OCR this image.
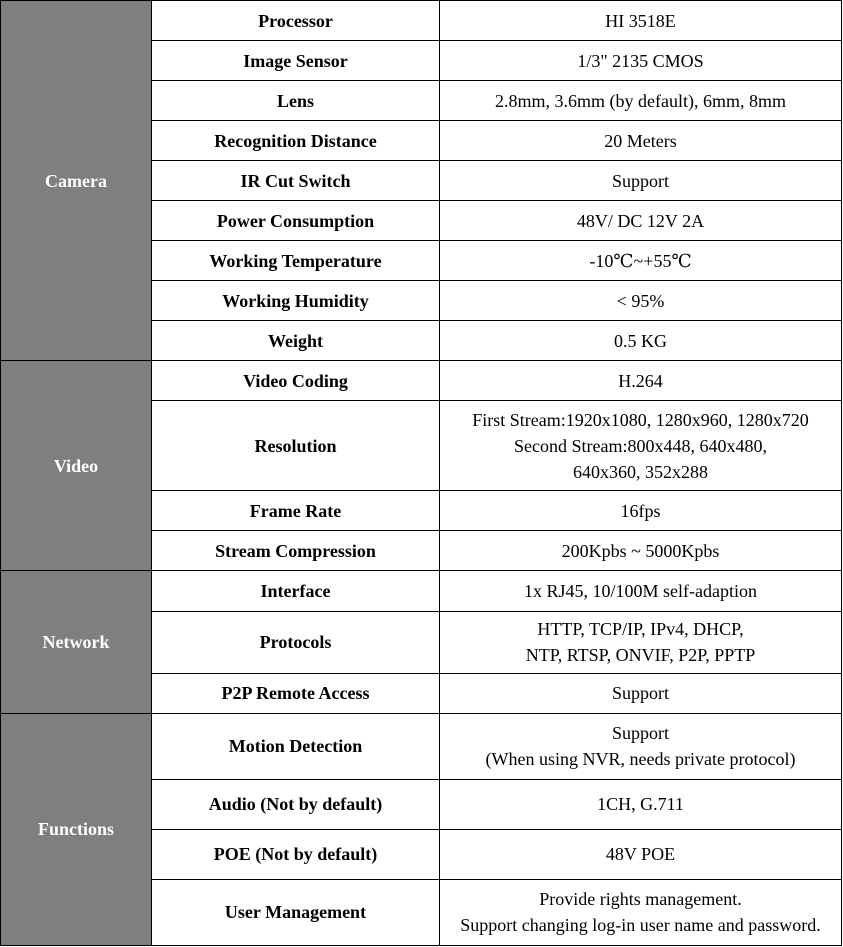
Camera	Processor	HI 3518E

	Image Sensor	1/3" 2135 CMOS

	Lens	2.8mm, 3.6mm (by default), 6mm, 8mm

	Recognition Distance	20 Meters

	IR Cut Switch	Support

	Power Consumption	48V/ DC 12V 2A

	Working Temperature	-10℃~+55℃

	Working Humidity	< 95%

	Weight	0.5 KG

Video	Video Coding	H.264

	Resolution	First Stream:1920x1080, 1280x960, 1280x720
Second Stream:800x448, 640x480,
640x360, 352x288

	Frame Rate	16fps

	Stream Compression	200Kpbs ~ 5000Kpbs

Network	Interface	1x RJ45, 10/100M self-adaption

	Protocols	HTTP, TCP/IP, IPv4, DHCP,
NTP, RTSP, ONVIF, P2P, PPTP

	P2P Remote Access	Support

Functions	Motion Detection	Support
(When using NVR, needs private protocol)

	Audio (Not by default)	1CH, G.711

	POE (Not by default)	48V POE

	User Management	Provide rights management.
Support changing log-in user name and password.
